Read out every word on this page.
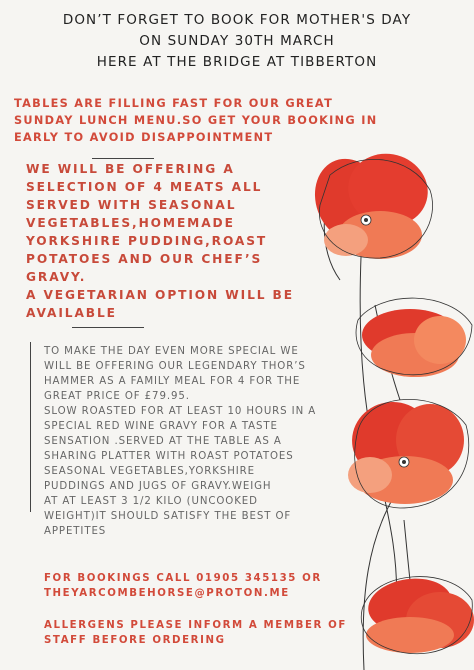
DON’T FORGET TO BOOK FOR MOTHER'S DAY
ON SUNDAY 30TH MARCH
HERE AT THE BRIDGE AT TIBBERTON
TABLES ARE FILLING FAST FOR OUR GREAT
SUNDAY LUNCH MENU.SO GET YOUR BOOKING IN
EARLY TO AVOID DISAPPOINTMENT
WE WILL BE OFFERING A
SELECTION OF 4 MEATS ALL
SERVED WITH SEASONAL
VEGETABLES,HOMEMADE
YORKSHIRE PUDDING,ROAST
POTATOES AND OUR CHEF’S
GRAVY.
A VEGETARIAN OPTION WILL BE
AVAILABLE
TO MAKE THE DAY EVEN MORE SPECIAL WE
WILL BE OFFERING OUR LEGENDARY THOR’S
HAMMER AS A FAMILY MEAL FOR 4 FOR THE
GREAT PRICE OF £79.95.
SLOW ROASTED FOR AT LEAST 10 HOURS IN A
SPECIAL RED WINE GRAVY FOR A TASTE
SENSATION .SERVED AT THE TABLE AS A
SHARING PLATTER WITH ROAST POTATOES
SEASONAL VEGETABLES,YORKSHIRE
PUDDINGS AND JUGS OF GRAVY.WEIGH
AT AT LEAST 3 1/2 KILO (UNCOOKED
WEIGHT)IT SHOULD SATISFY THE BEST OF
APPETITES
FOR BOOKINGS CALL 01905 345135 OR
THEYARCOMBEHORSE@PROTON.ME
ALLERGENS PLEASE INFORM A MEMBER OF
STAFF BEFORE ORDERING
